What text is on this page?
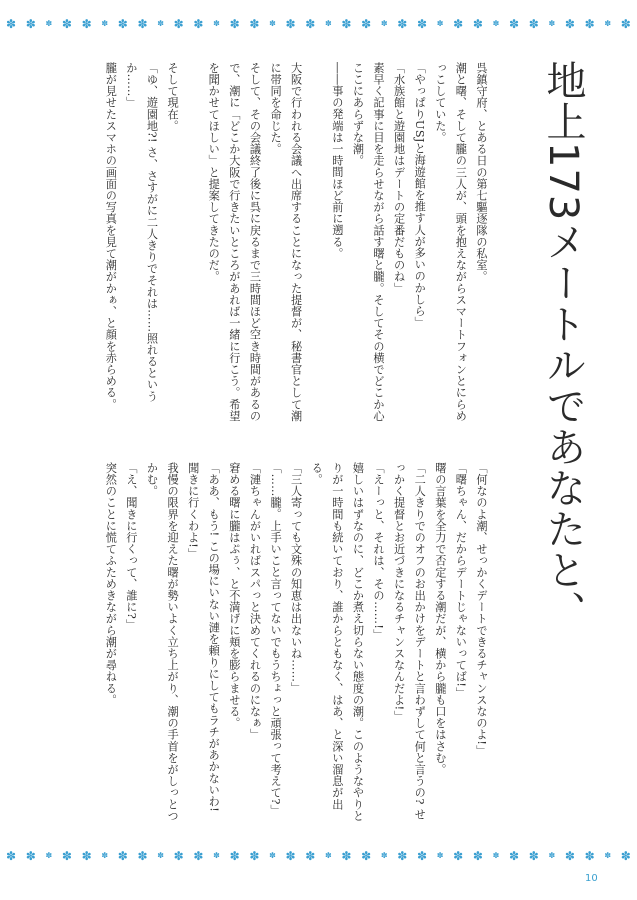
✽ ✽ ✽ ✽ ✽ ✽ ✽ ✽ ✽ ✽ ✽ ✽ ✽ ✽ ✽ ✽ ✽ ✽ ✽ ✽ ✽ ✽ ✽ ✽ ✽ ✽ ✽ ✽ ✽ ✽ ✽ ✽ ✽ ✽
地上173メートルであなたと、
呉鎮守府、とある日の第七驅逐隊の私室。
潮と曙、そして朧の三人が、頭を抱えながらスマートフォンとにらめっこしていた。
「やっぱりUSJと海遊館を推す人が多いのかしら」
「水族館と遊園地はデートの定番だものね」
素早く記事に目を走らせながら話す曙と朧。そしてその横でどこか心ここにあらずな潮。
――事の発端は一時間ほど前に遡る。

大阪で行われる会議へ出席することになった提督が、秘書官として潮に帯同を命じた。
そして、その会議終了後に呉に戻るまで三時間ほど空き時間があるので、潮に「どこか大阪で行きたいところがあれば一緒に行こう。希望を聞かせてほしい」と提案してきたのだ。

そして現在。
「ゆ、遊園地?! さ、さすがに二人きりでそれは……照れるというか……」
朧が見せたスマホの画面の写真を見て潮がかぁ、と顔を赤らめる。
「何なのよ潮、せっかくデートできるチャンスなのよ!」
「曙ちゃん、だからデートじゃないってば!」
曙の言葉を全力で否定する潮だが、横から朧も口をはさむ。
「二人きりでのオフのお出かけをデートと言わずして何と言うの? せっかく提督とお近づきになるチャンスなんだよ!」
「えーっと、それは、その……!」
嬉しいはずなのに、どこか煮え切らない態度の潮。このようなやりとりが一時間も続いており、誰からともなく、はあ、と深い溜息が出る。
「三人寄っても文殊の知恵は出ないね……」
「……朧。上手いこと言ってないでもうちょっと頑張って考えて?」
「漣ちゃんがいればスパっと決めてくれるのになぁ」
窘める曙に朧はぷぅ、と不満げに頬を膨らませる。
「ああ、もう! この場にいない漣を頼りにしてもラチがあかないわ! 聞きに行くわよ!」
我慢の限界を迎えた曙が勢いよく立ち上がり、潮の手首をがしっとつかむ。
「え、聞きに行くって、誰に?」
突然のことに慌てふためきながら潮が尋ねる。
✽ ✽ ✽ ✽ ✽ ✽ ✽ ✽ ✽ ✽ ✽ ✽ ✽ ✽ ✽ ✽ ✽ ✽ ✽ ✽ ✽ ✽ ✽ ✽ ✽ ✽ ✽ ✽ ✽ ✽ ✽ ✽ ✽ ✽
10
